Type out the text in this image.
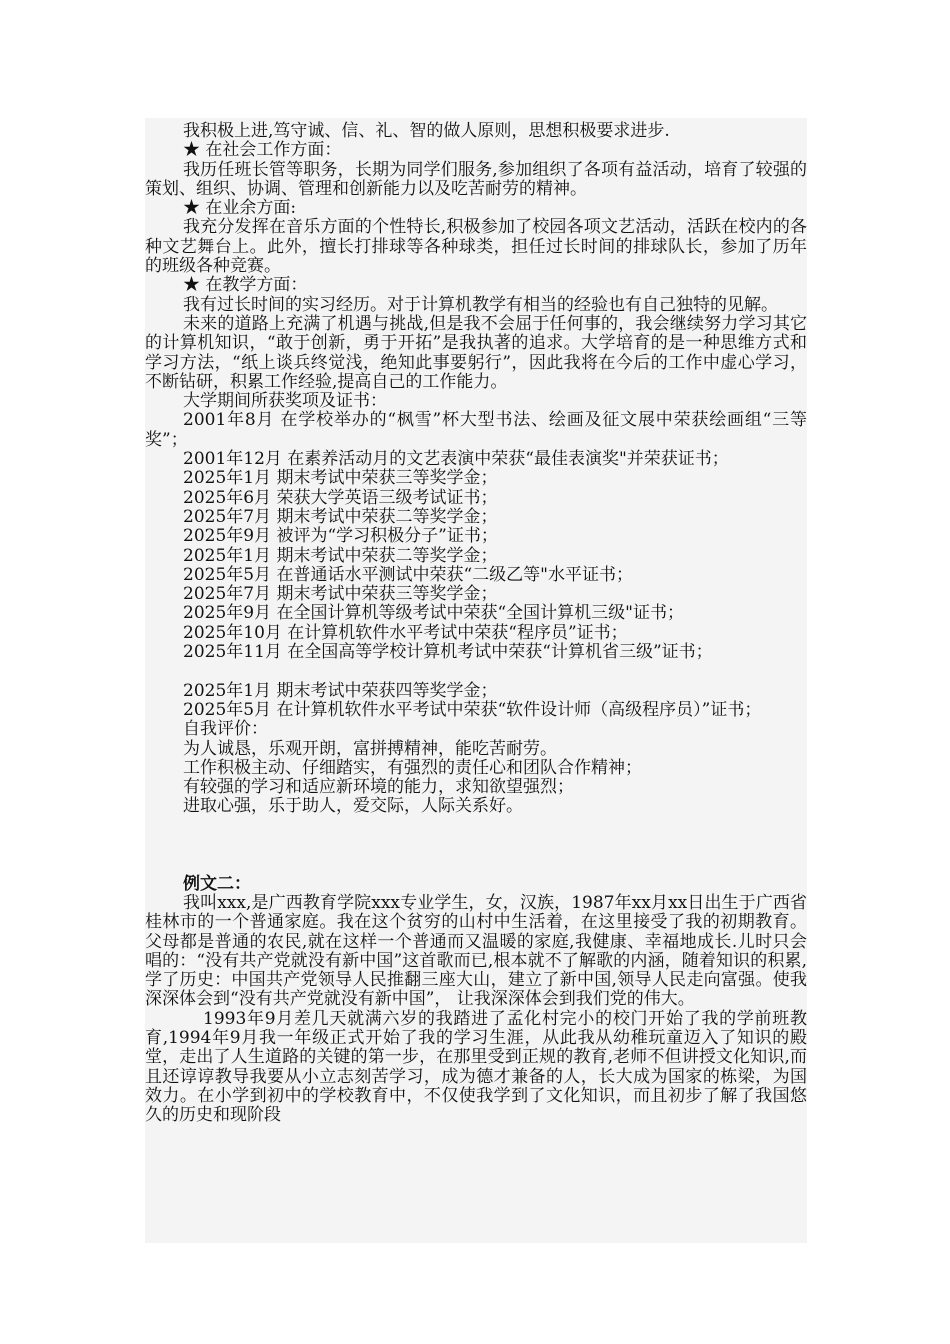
我积极上进,笃守诚、信、礼、智的做人原则，思想积极要求进步.

★ 在社会工作方面：

我历任班长管等职务，长期为同学们服务,参加组织了各项有益活动，培育了较强的策划、组织、协调、管理和创新能力以及吃苦耐劳的精神。

★ 在业余方面:

我充分发挥在音乐方面的个性特长,积极参加了校园各项文艺活动，活跃在校内的各种文艺舞台上。此外，擅长打排球等各种球类，担任过长时间的排球队长，参加了历年的班级各种竞赛。

★ 在教学方面：

我有过长时间的实习经历。对于计算机教学有相当的经验也有自己独特的见解。

未来的道路上充满了机遇与挑战,但是我不会屈于任何事的，我会继续努力学习其它的计算机知识，“敢于创新，勇于开拓”是我执著的追求。大学培育的是一种思维方式和学习方法，“纸上谈兵终觉浅，绝知此事要躬行”，因此我将在今后的工作中虚心学习，不断钻研，积累工作经验,提高自己的工作能力。

大学期间所获奖项及证书：

2001年8月 在学校举办的“枫雪”杯大型书法、绘画及征文展中荣获绘画组“三等奖”；

2001年12月 在素养活动月的文艺表演中荣获“最佳表演奖"并荣获证书；

2025年1月 期末考试中荣获三等奖学金；

2025年6月 荣获大学英语三级考试证书；

2025年7月 期末考试中荣获二等奖学金；

2025年9月 被评为“学习积极分子”证书；

2025年1月 期末考试中荣获二等奖学金；

2025年5月 在普通话水平测试中荣获“二级乙等"水平证书；

2025年7月 期末考试中荣获三等奖学金；

2025年9月 在全国计算机等级考试中荣获“全国计算机三级"证书；

2025年10月 在计算机软件水平考试中荣获“程序员”证书；

2025年11月 在全国高等学校计算机考试中荣获“计算机省三级”证书；

2025年1月 期末考试中荣获四等奖学金；

2025年5月 在计算机软件水平考试中荣获“软件设计师（高级程序员）”证书；

自我评价：

为人诚恳，乐观开朗，富拼搏精神，能吃苦耐劳。

工作积极主动、仔细踏实，有强烈的责任心和团队合作精神；

有较强的学习和适应新环境的能力，求知欲望强烈；

进取心强，乐于助人，爱交际，人际关系好。

例文二：

我叫xxx,是广西教育学院xxx专业学生，女，汉族，1987年xx月xx日出生于广西省桂林市的一个普通家庭。我在这个贫穷的山村中生活着，在这里接受了我的初期教育。父母都是普通的农民,就在这样一个普通而又温暖的家庭,我健康、幸福地成长.儿时只会唱的：“没有共产党就没有新中国”这首歌而已,根本就不了解歌的内涵，随着知识的积累,学了历史：中国共产党领导人民推翻三座大山，建立了新中国,领导人民走向富强。使我深深体会到“没有共产党就没有新中国”， 让我深深体会到我们党的伟大。

1993年9月差几天就满六岁的我踏进了孟化村完小的校门开始了我的学前班教育,1994年9月我一年级正式开始了我的学习生涯，从此我从幼稚玩童迈入了知识的殿堂，走出了人生道路的关键的第一步，在那里受到正规的教育,老师不但讲授文化知识,而且还谆谆教导我要从小立志刻苦学习，成为德才兼备的人，长大成为国家的栋梁，为国效力。在小学到初中的学校教育中，不仅使我学到了文化知识，而且初步了解了我国悠久的历史和现阶段
